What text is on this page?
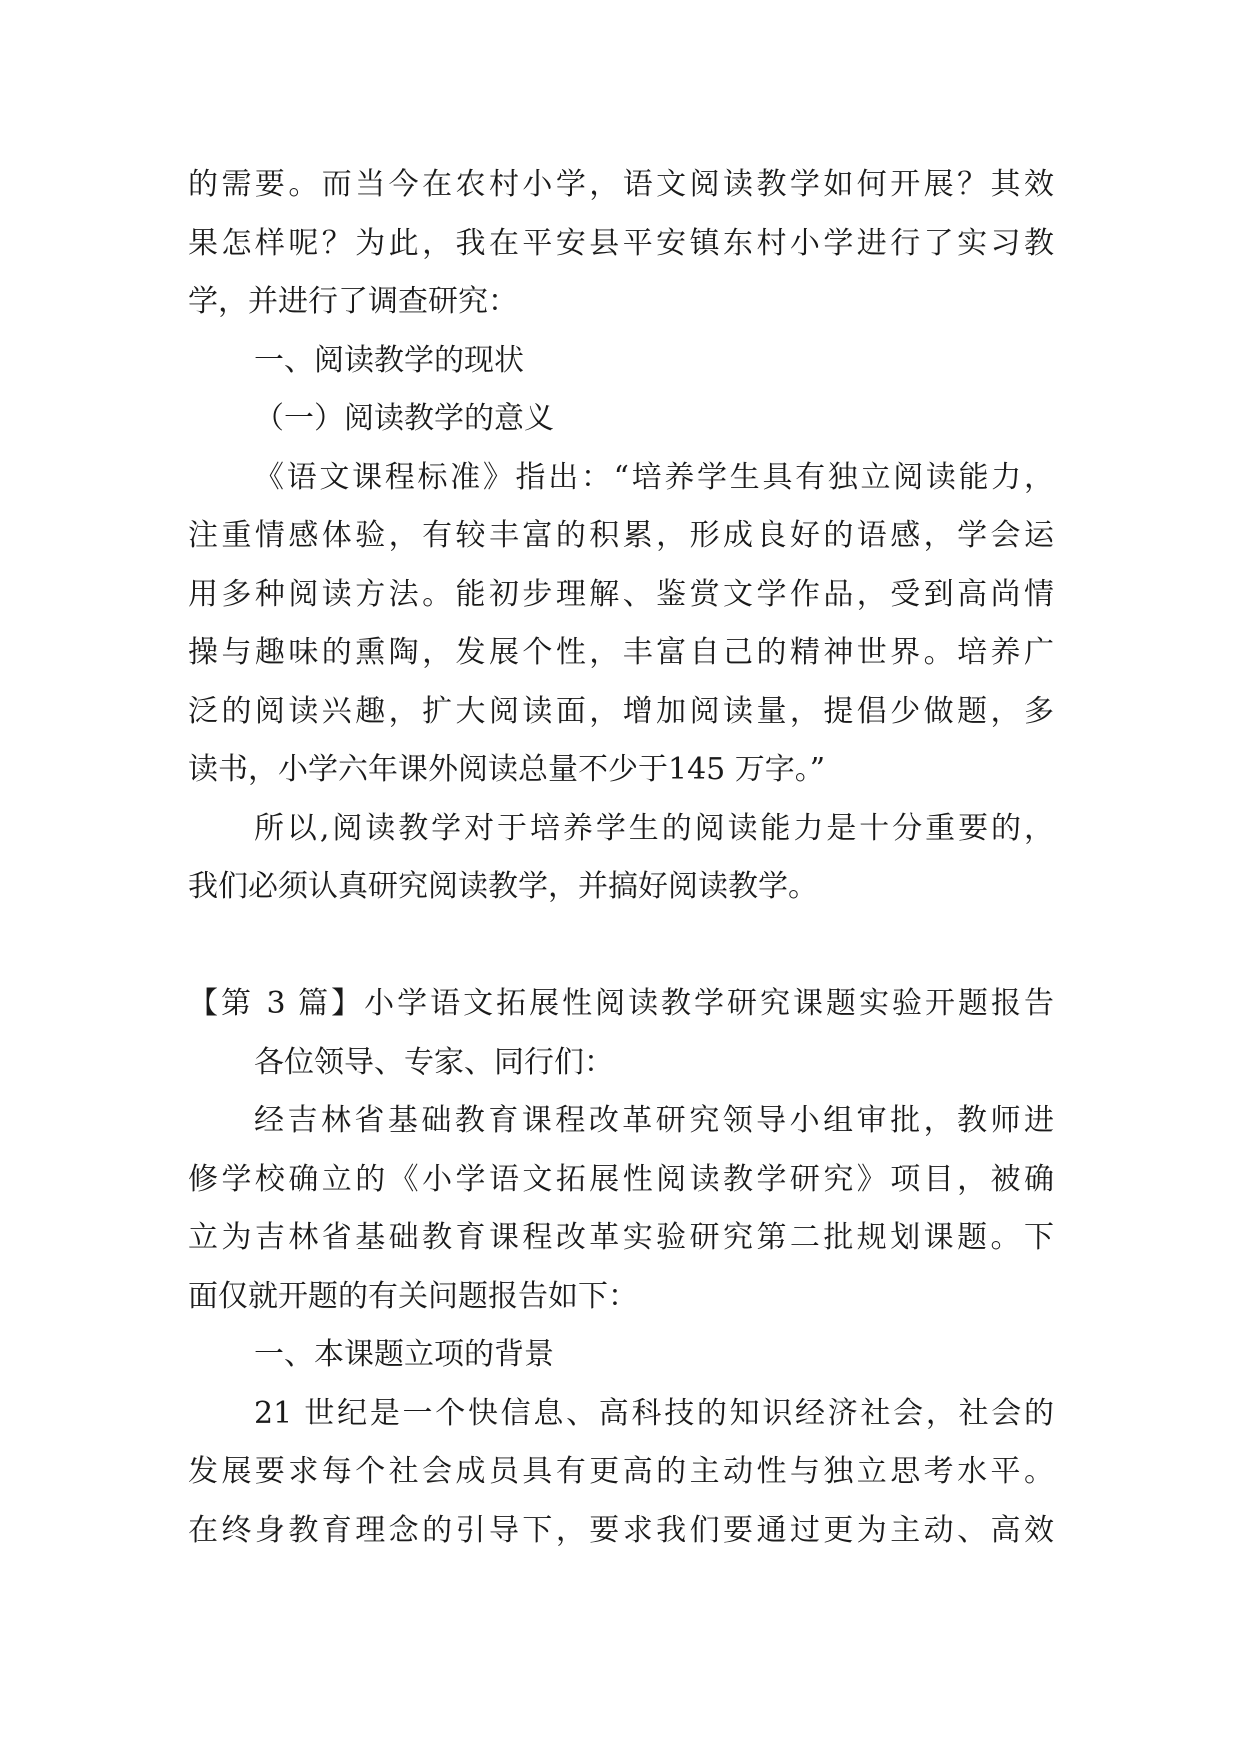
的需要。而当今在农村小学，语文阅读教学如何开展？其效
果怎样呢？为此，我在平安县平安镇东村小学进行了实习教
学，并进行了调查研究：
一、阅读教学的现状
（一）阅读教学的意义
《语文课程标准》指出：“培养学生具有独立阅读能力，
注重情感体验，有较丰富的积累，形成良好的语感，学会运
用多种阅读方法。能初步理解、鉴赏文学作品，受到高尚情
操与趣味的熏陶，发展个性，丰富自己的精神世界。培养广
泛的阅读兴趣，扩大阅读面，增加阅读量，提倡少做题，多
读书，小学六年课外阅读总量不少于145 万字。”
所以,阅读教学对于培养学生的阅读能力是十分重要的，
我们必须认真研究阅读教学，并搞好阅读教学。
【第 3 篇】小学语文拓展性阅读教学研究课题实验开题报告
各位领导、专家、同行们：
经吉林省基础教育课程改革研究领导小组审批，教师进
修学校确立的《小学语文拓展性阅读教学研究》项目，被确
立为吉林省基础教育课程改革实验研究第二批规划课题。下
面仅就开题的有关问题报告如下：
一、本课题立项的背景
21 世纪是一个快信息、高科技的知识经济社会，社会的
发展要求每个社会成员具有更高的主动性与独立思考水平。
在终身教育理念的引导下，要求我们要通过更为主动、高效
